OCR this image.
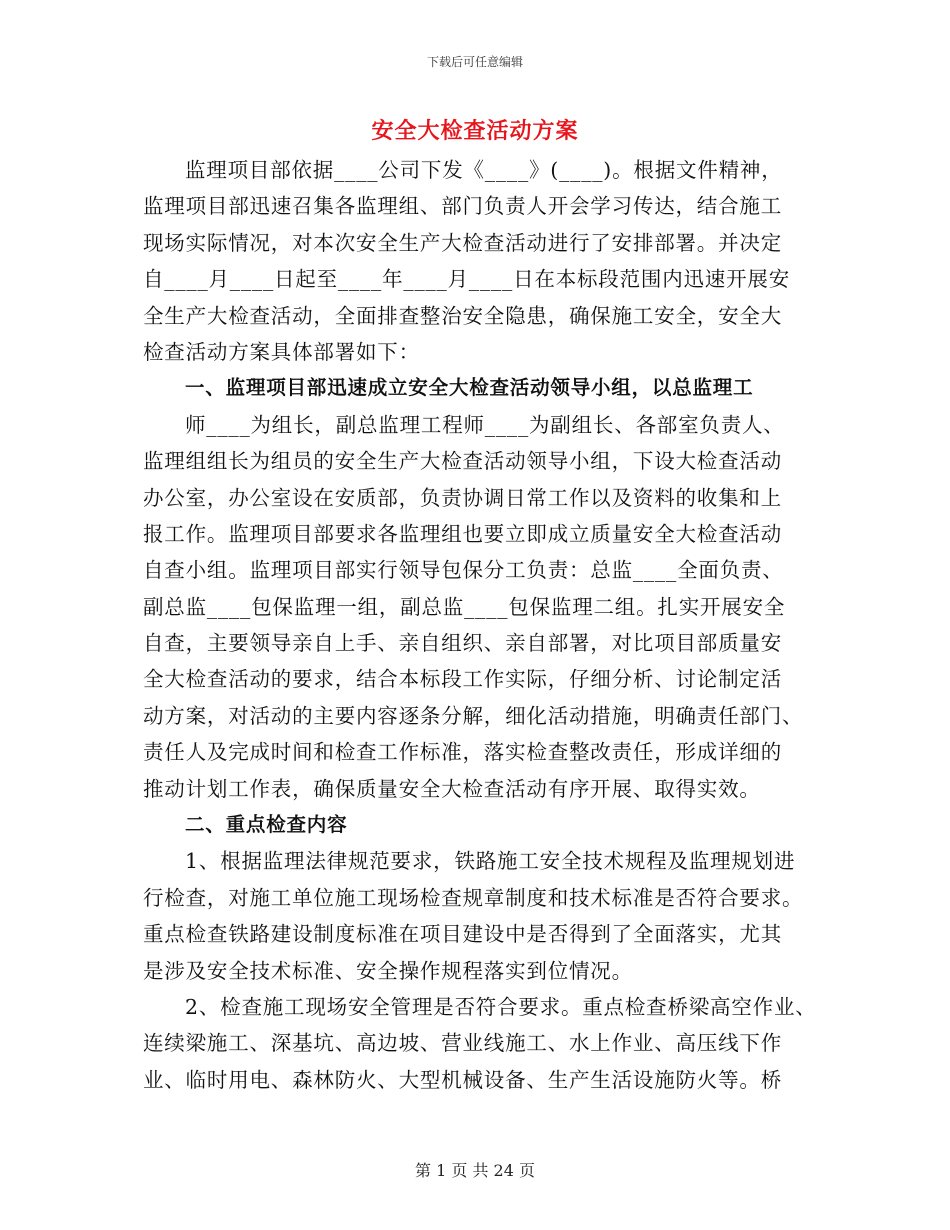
下载后可任意编辑
安全大检查活动方案
监理项目部依据____公司下发《____》(____)。根据文件精神，
监理项目部迅速召集各监理组、部门负责人开会学习传达，结合施工
现场实际情况，对本次安全生产大检查活动进行了安排部署。并决定
自____月____日起至____年____月____日在本标段范围内迅速开展安
全生产大检查活动，全面排查整治安全隐患，确保施工安全，安全大
检查活动方案具体部署如下：
一、监理项目部迅速成立安全大检查活动领导小组，以总监理工
师____为组长，副总监理工程师____为副组长、各部室负责人、
监理组组长为组员的安全生产大检查活动领导小组，下设大检查活动
办公室，办公室设在安质部，负责协调日常工作以及资料的收集和上
报工作。监理项目部要求各监理组也要立即成立质量安全大检查活动
自查小组。监理项目部实行领导包保分工负责：总监____全面负责、
副总监____包保监理一组，副总监____包保监理二组。扎实开展安全
自查，主要领导亲自上手、亲自组织、亲自部署，对比项目部质量安
全大检查活动的要求，结合本标段工作实际，仔细分析、讨论制定活
动方案，对活动的主要内容逐条分解，细化活动措施，明确责任部门、
责任人及完成时间和检查工作标准，落实检查整改责任，形成详细的
推动计划工作表，确保质量安全大检查活动有序开展、取得实效。
二、重点检查内容
1、根据监理法律规范要求，铁路施工安全技术规程及监理规划进
行检查，对施工单位施工现场检查规章制度和技术标准是否符合要求。
重点检查铁路建设制度标准在项目建设中是否得到了全面落实，尤其
是涉及安全技术标准、安全操作规程落实到位情况。
2、检查施工现场安全管理是否符合要求。重点检查桥梁高空作业、
连续梁施工、深基坑、高边坡、营业线施工、水上作业、高压线下作
业、临时用电、森林防火、大型机械设备、生产生活设施防火等。桥
第 1 页 共 24 页
